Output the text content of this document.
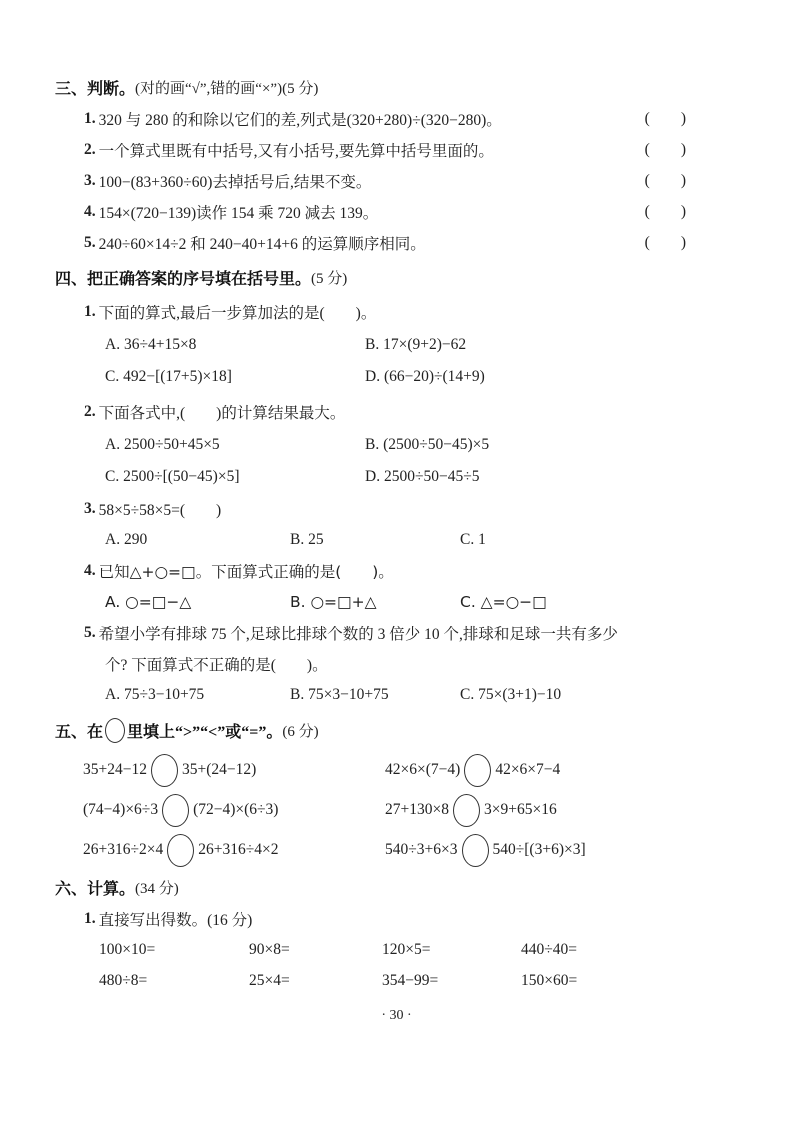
三、判断。 (对的画“√”,错的画“×”)(5 分)
1. 320 与 280 的和除以它们的差,列式是(320+280)÷(320−280)。	(  )
2. 一个算式里既有中括号,又有小括号,要先算中括号里面的。	(  )
3. 100−(83+360÷60)去掉括号后,结果不变。	(  )
4. 154×(720−139)读作 154 乘 720 减去 139。	(  )
5. 240÷60×14÷2 和 240−40+14+6 的运算顺序相同。	(  )
四、把正确答案的序号填在括号里。 (5 分)
1. 下面的算式,最后一步算加法的是(　　)。
A. 36÷4+15×8	B. 17×(9+2)−62
C. 492−[(17+5)×18]	D. (66−20)÷(14+9)
2. 下面各式中,(　　)的计算结果最大。
A. 2500÷50+45×5	B. (2500÷50−45)×5
C. 2500÷[(50−45)×5]	D. 2500÷50−45÷5
3. 58×5÷58×5=(　　)
A. 290	B. 25	C. 1
4. 已知△+○=□。下面算式正确的是(　　)。
A. ○=□−△	B. ○=□+△	C. △=○−□
5. 希望小学有排球 75 个,足球比排球个数的 3 倍少 10 个,排球和足球一共有多少
个? 下面算式不正确的是(　　)。
A. 75÷3−10+75	B. 75×3−10+75	C. 75×(3+1)−10
五、在 里填上“>”“<”或“=”。 (6 分)
35+24−12 35+(24−12)	42×6×(7−4) 42×6×7−4
(74−4)×6÷3 (72−4)×(6÷3)	27+130×8 3×9+65×16
26+316÷2×4 26+316÷4×2	540÷3+6×3 540÷[(3+6)×3]
六、计算。 (34 分)
1. 直接写出得数。 (16 分)
100×10=	90×8=	120×5=	440÷40=
480÷8=	25×4=	354−99=	150×60=
· 30 ·
